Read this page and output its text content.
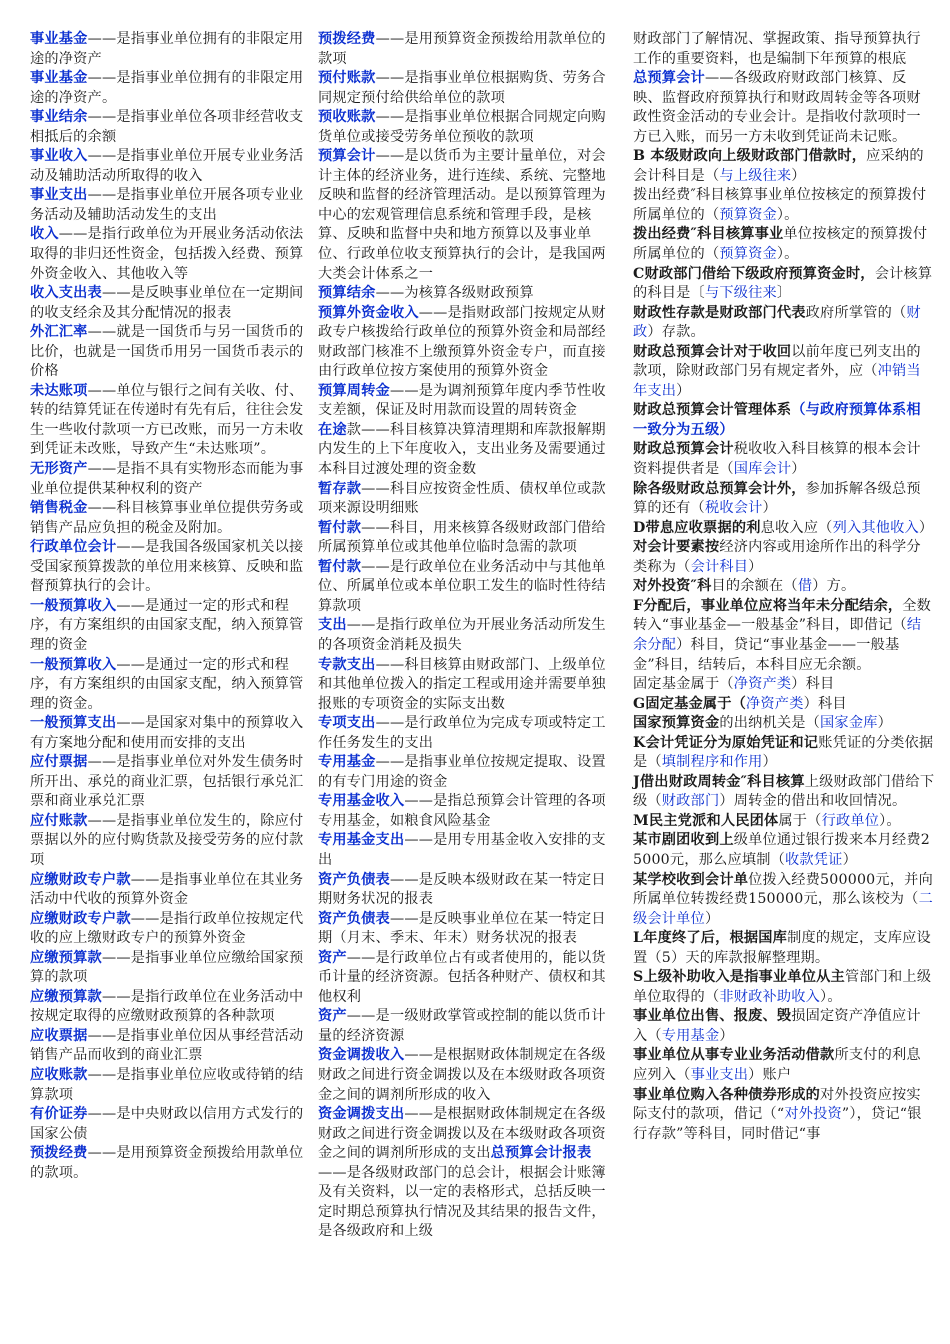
事业基金——是指事业单位拥有的非限定用途的净资产
事业基金——是指事业单位拥有的非限定用途的净资产。
事业结余——是指事业单位各项非经营收支相抵后的余额
事业收入——是指事业单位开展专业业务活动及辅助活动所取得的收入
事业支出——是指事业单位开展各项专业业务活动及辅助活动发生的支出
收入——是指行政单位为开展业务活动依法取得的非归还性资金，包括拨入经费、预算外资金收入、其他收入等
收入支出表——是反映事业单位在一定期间的收支经余及其分配情况的报表
外汇汇率——就是一国货币与另一国货币的比价，也就是一国货币用另一国货币表示的价格
未达账项——单位与银行之间有关收、付、转的结算凭证在传递时有先有后，往往会发生一些收付款项一方已改账，而另一方未收到凭证未改账，导致产生“未达账项”。
无形资产——是指不具有实物形态而能为事业单位提供某种权利的资产
销售税金——科目核算事业单位提供劳务或销售产品应负担的税金及附加。
行政单位会计——是我国各级国家机关以接受国家预算拨款的单位用来核算、反映和监督预算执行的会计。
一般预算收入——是通过一定的形式和程序，有方案组织的由国家支配，纳入预算管理的资金
一般预算收入——是通过一定的形式和程序，有方案组织的由国家支配，纳入预算管理的资金。
一般预算支出——是国家对集中的预算收入有方案地分配和使用而安排的支出
应付票据——是指事业单位对外发生债务时所开出、承兑的商业汇票，包括银行承兑汇票和商业承兑汇票
应付账款——是指事业单位发生的，除应付票据以外的应付购货款及接受劳务的应付款项
应缴财政专户款——是指事业单位在其业务活动中代收的预算外资金
应缴财政专户款——是指行政单位按规定代收的应上缴财政专户的预算外资金
应缴预算款——是指事业单位应缴给国家预算的款项
应缴预算款——是指行政单位在业务活动中按规定取得的应缴财政预算的各种款项
应收票据——是指事业单位因从事经营活动销售产品而收到的商业汇票
应收账款——是指事业单位应收或待销的结算款项
有价证券——是中央财政以信用方式发行的国家公债
预拨经费——是用预算资金预拨给用款单位的款项。
预拨经费——是用预算资金预拨给用款单位的款项
预付账款——是指事业单位根据购货、劳务合同规定预付给供给单位的款项
预收账款——是指事业单位根据合同规定向购货单位或接受劳务单位预收的款项
预算会计——是以货币为主要计量单位，对会计主体的经济业务，进行连续、系统、完整地反映和监督的经济管理活动。是以预算管理为中心的宏观管理信息系统和管理手段，是核算、反映和监督中央和地方预算以及事业单位、行政单位收支预算执行的会计，是我国两大类会计体系之一
预算结余——为核算各级财政预算
预算外资金收入——是指财政部门按规定从财政专户核拨给行政单位的预算外资金和局部经财政部门核准不上缴预算外资金专户，而直接由行政单位按方案使用的预算外资金
预算周转金——是为调剂预算年度内季节性收支差额，保证及时用款而设置的周转资金
在途款——科目核算决算清理期和库款报解期内发生的上下年度收入，支出业务及需要通过本科目过渡处理的资金数
暂存款——科目应按资金性质、债权单位或款项来源设明细账
暂付款——科目，用来核算各级财政部门借给所属预算单位或其他单位临时急需的款项
暂付款——是行政单位在业务活动中与其他单位、所属单位或本单位职工发生的临时性待结算款项
支出——是指行政单位为开展业务活动所发生的各项资金消耗及损失
专款支出——科目核算由财政部门、上级单位和其他单位拨入的指定工程或用途并需要单独报账的专项资金的实际支出数
专项支出——是行政单位为完成专项或特定工作任务发生的支出
专用基金——是指事业单位按规定提取、设置的有专门用途的资金
专用基金收入——是指总预算会计管理的各项专用基金，如粮食风险基金
专用基金支出——是用专用基金收入安排的支出
资产负债表——是反映本级财政在某一特定日期财务状况的报表
资产负债表——是反映事业单位在某一特定日期（月末、季末、年末）财务状况的报表
资产——是行政单位占有或者使用的，能以货币计量的经济资源。包括各种财产、债权和其他权利
资产——是一级财政掌管或控制的能以货币计量的经济资源
资金调拨收入——是根据财政体制规定在各级财政之间进行资金调拨以及在本级财政各项资金之间的调剂所形成的收入
资金调拨支出——是根据财政体制规定在各级财政之间进行资金调拨以及在本级财政各项资金之间的调剂所形成的支出总预算会计报表——是各级财政部门的总会计，根据会计账簿及有关资料，以一定的表格形式，总括反映一定时期总预算执行情况及其结果的报告文件，是各级政府和上级
财政部门了解情况、掌握政策、指导预算执行工作的重要资料，也是编制下年预算的根底
总预算会计——各级政府财政部门核算、反映、监督政府预算执行和财政周转金等各项财政性资金活动的专业会计。是指收付款项时一方已入账，而另一方未收到凭证尚未记账。
B 本级财政向上级财政部门借款时，应采纳的会计科目是（与上级往来）
拨出经费″科目核算事业单位按核定的预算拨付所属单位的（预算资金）。
拨出经费″科目核算事业单位按核定的预算拨付所属单位的（预算资金）。
C财政部门借给下级政府预算资金时，会计核算的科目是〔与下级往来〕
财政性存款是财政部门代表政府所掌管的（财政）存款。
财政总预算会计对于收回以前年度已列支出的款项，除财政部门另有规定者外，应（冲销当年支出）
财政总预算会计管理体系（与政府预算体系相一致分为五级）
财政总预算会计税收收入科目核算的根本会计资料提供者是（国库会计）
除各级财政总预算会计外，参加拆解各级总预算的还有（税收会计）
D带息应收票据的利息收入应（列入其他收入）
对会计要素按经济内容或用途所作出的科学分类称为（会计科目）
对外投资″科目的余额在（借）方。
F分配后，事业单位应将当年未分配结余，全数转入“事业基金—一般基金”科目，即借记（结余分配）科目，贷记“事业基金——一般基金”科目，结转后，本科目应无余额。
固定基金属于（净资产类）科目
G固定基金属于（净资产类）科目
国家预算资金的出纳机关是（国家金库）
K会计凭证分为原始凭证和记账凭证的分类依据是（填制程序和作用）
J借出财政周转金″科目核算上级财政部门借给下级（财政部门）周转金的借出和收回情况。
M民主党派和人民团体属于（行政单位）。
某市剧团收到上级单位通过银行拨来本月经费25000元，那么应填制（收款凭证）
某学校收到会计单位拨入经费500000元，并向所属单位转拨经费150000元，那么该校为（二级会计单位）
L年度终了后，根据国库制度的规定，支库应设置（5）天的库款报解整理期。
S上级补助收入是指事业单位从主管部门和上级单位取得的（非财政补助收入）。
事业单位出售、报废、毁损固定资产净值应计入（专用基金）
事业单位从事专业业务活动借款所支付的利息应列入（事业支出）账户
事业单位购入各种债券形成的对外投资应按实际支付的款项，借记（“对外投资”），贷记“银行存款”等科目，同时借记“事
